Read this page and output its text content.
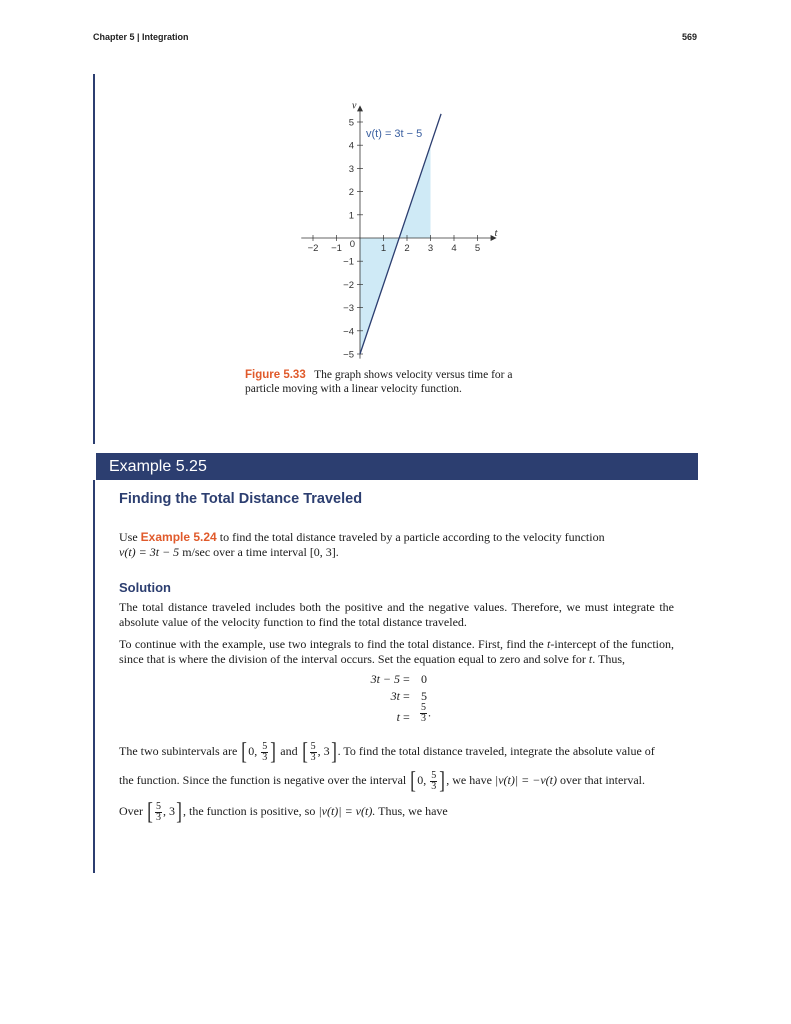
Chapter 5 | Integration	569
t
v
−2 −1	1 2 3 4 5
5
4
3
2
1
−1
−2
−3
−4
−5
0
v(t) = 3t − 5
Figure 5.33 The graph shows velocity versus time for a particle moving with a linear velocity function.
Example 5.25
Finding the Total Distance Traveled
Use Example 5.24 to find the total distance traveled by a particle according to the velocity function
v(t) = 3t − 5 m/sec over a time interval [0, 3].
Solution
The total distance traveled includes both the positive and the negative values. Therefore, we must integrate the absolute value of the velocity function to find the total distance traveled.
To continue with the example, use two integrals to find the total distance. First, find the t-intercept of the function, since that is where the division of the interval occurs. Set the equation equal to zero and solve for t. Thus,
3t − 5 = 0
3t = 5
$t = \frac{5}{3}$ .
The two subintervals are [0, $\frac{5}{3}$ ] and [ $\frac{5}{3}$ , 3]. To find the total distance traveled, integrate the absolute value of
the function. Since the function is negative over the interval [0, $\frac{5}{3}$ ], we have |v(t)| = −v(t) over that interval.
Over [ $\frac{5}{3}$ , 3], the function is positive, so |v(t)| = v(t). Thus, we have
